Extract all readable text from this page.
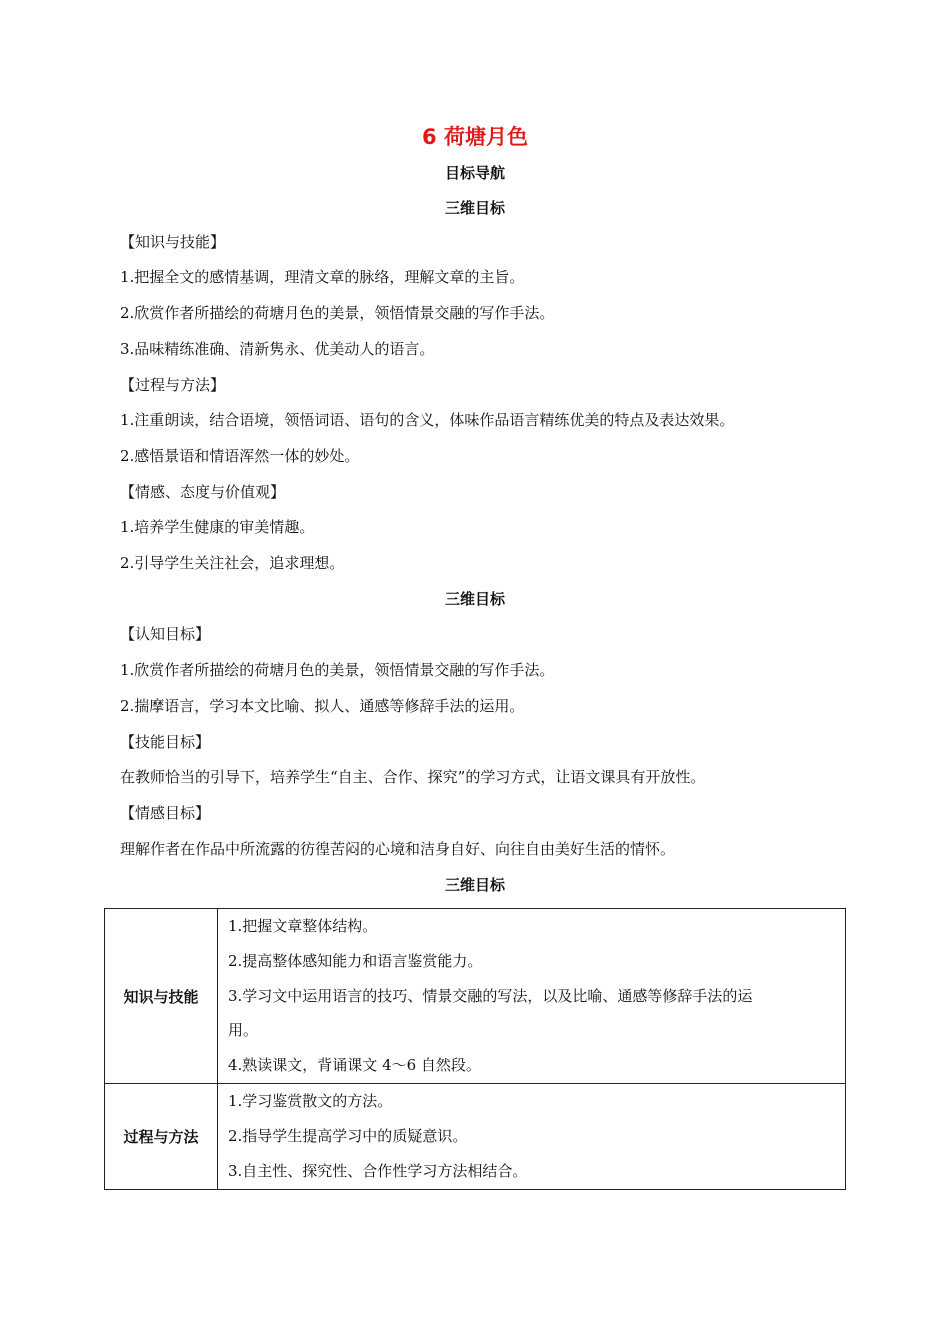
6 荷塘月色
目标导航
三维目标
【知识与技能】
1.把握全文的感情基调，理清文章的脉络，理解文章的主旨。
2.欣赏作者所描绘的荷塘月色的美景，领悟情景交融的写作手法。
3.品味精练准确、清新隽永、优美动人的语言。
【过程与方法】
1.注重朗读，结合语境，领悟词语、语句的含义，体味作品语言精练优美的特点及表达效果。
2.感悟景语和情语浑然一体的妙处。
【情感、态度与价值观】
1.培养学生健康的审美情趣。
2.引导学生关注社会，追求理想。
三维目标
【认知目标】
1.欣赏作者所描绘的荷塘月色的美景，领悟情景交融的写作手法。
2.揣摩语言，学习本文比喻、拟人、通感等修辞手法的运用。
【技能目标】
在教师恰当的引导下，培养学生“自主、合作、探究”的学习方式，让语文课具有开放性。
【情感目标】
理解作者在作品中所流露的彷徨苦闷的心境和洁身自好、向往自由美好生活的情怀。
三维目标
知识与技能	1.把握文章整体结构。
2.提高整体感知能力和语言鉴赏能力。
3.学习文中运用语言的技巧、情景交融的写法，以及比喻、通感等修辞手法的运
用。
4.熟读课文，背诵课文 4～6 自然段。

过程与方法	1.学习鉴赏散文的方法。
2.指导学生提高学习中的质疑意识。
3.自主性、探究性、合作性学习方法相结合。
